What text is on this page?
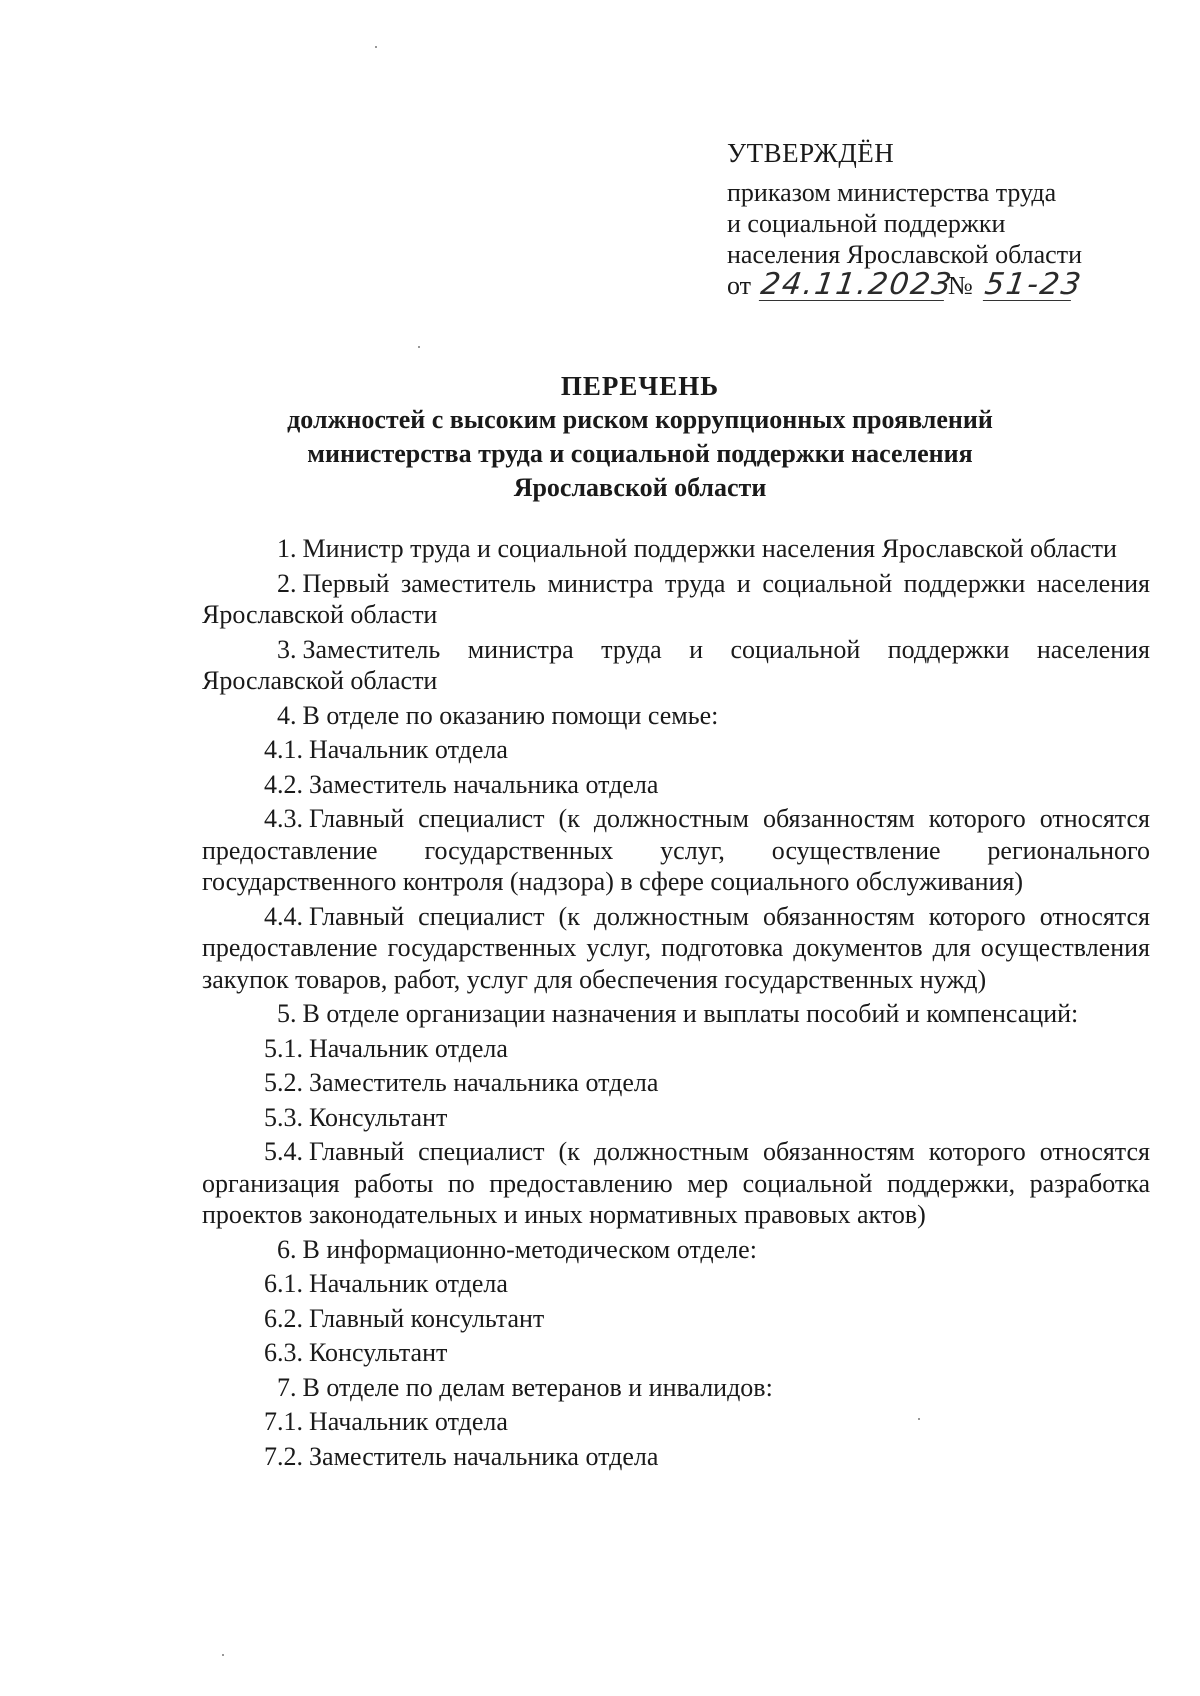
УТВЕРЖДЁН
приказом министерства труда
и социальной поддержки
населения Ярославской области
от 24.11.2023
№ 51-23
ПЕРЕЧЕНЬ
должностей с высоким риском коррупционных проявлений
министерства труда и социальной поддержки населения
Ярославской области

1. Министр труда и социальной поддержки населения Ярославской области

2. Первый заместитель министра труда и социальной поддержки населения Ярославской области

3. Заместитель министра труда и социальной поддержки населения Ярославской области

4. В отделе по оказанию помощи семье:

4.1. Начальник отдела

4.2. Заместитель начальника отдела

4.3. Главный специалист (к должностным обязанностям которого относятся предоставление государственных услуг, осуществление регионального государственного контроля (надзора) в сфере социального обслуживания)

4.4. Главный специалист (к должностным обязанностям которого относятся предоставление государственных услуг, подготовка документов для осуществления закупок товаров, работ, услуг для обеспечения государственных нужд)

5. В отделе организации назначения и выплаты пособий и компенсаций:

5.1. Начальник отдела

5.2. Заместитель начальника отдела

5.3. Консультант

5.4. Главный специалист (к должностным обязанностям которого относятся организация работы по предоставлению мер социальной поддержки, разработка проектов законодательных и иных нормативных правовых актов)

6. В информационно-методическом отделе:

6.1. Начальник отдела

6.2. Главный консультант

6.3. Консультант

7. В отделе по делам ветеранов и инвалидов:

7.1. Начальник отдела

7.2. Заместитель начальника отдела
